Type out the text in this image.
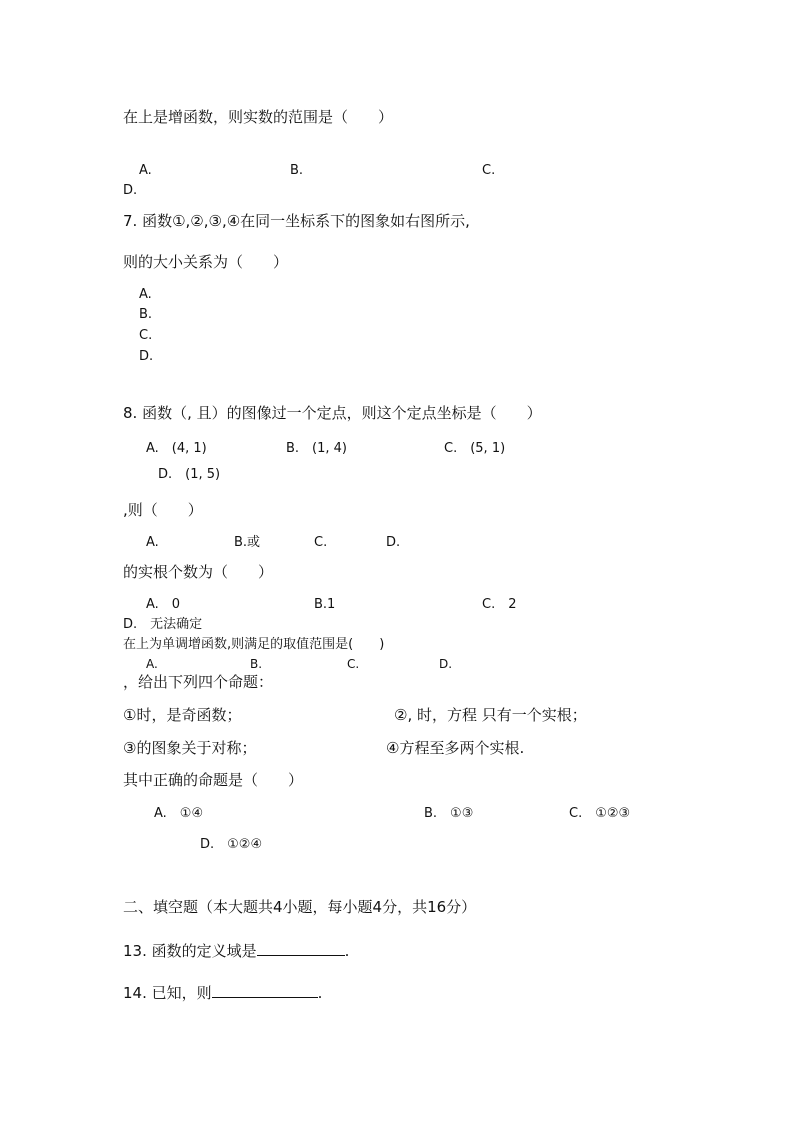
在上是增函数，则实数的范围是（　　）
A.	B.	C.
D.
7. 函数①,②,③,④在同一坐标系下的图象如右图所示,
则的大小关系为（　　）
A.
B.
C.
D.
8. 函数（, 且）的图像过一个定点，则这个定点坐标是（　　）
A.　(4, 1)	B.　(1, 4)	C.　(5, 1)
D.　(1, 5)
,则（　　）
A.	B.或	C.	D.
的实根个数为（　　）
A.　0	B.1	C.　2
D.　无法确定
在上为单调增函数,则满足的取值范围是(　　)
A.	B.	C.	D.
，给出下列四个命题：
①时，是奇函数；	②, 时，方程 只有一个实根；
③的图象关于对称；	④方程至多两个实根.
其中正确的命题是（　　）
A.　①④	B.　①③	C.　①②③
D.　①②④
二、填空题（本大题共4小题，每小题4分，共16分）
13. 函数的定义域是	.
14. 已知，则	.
